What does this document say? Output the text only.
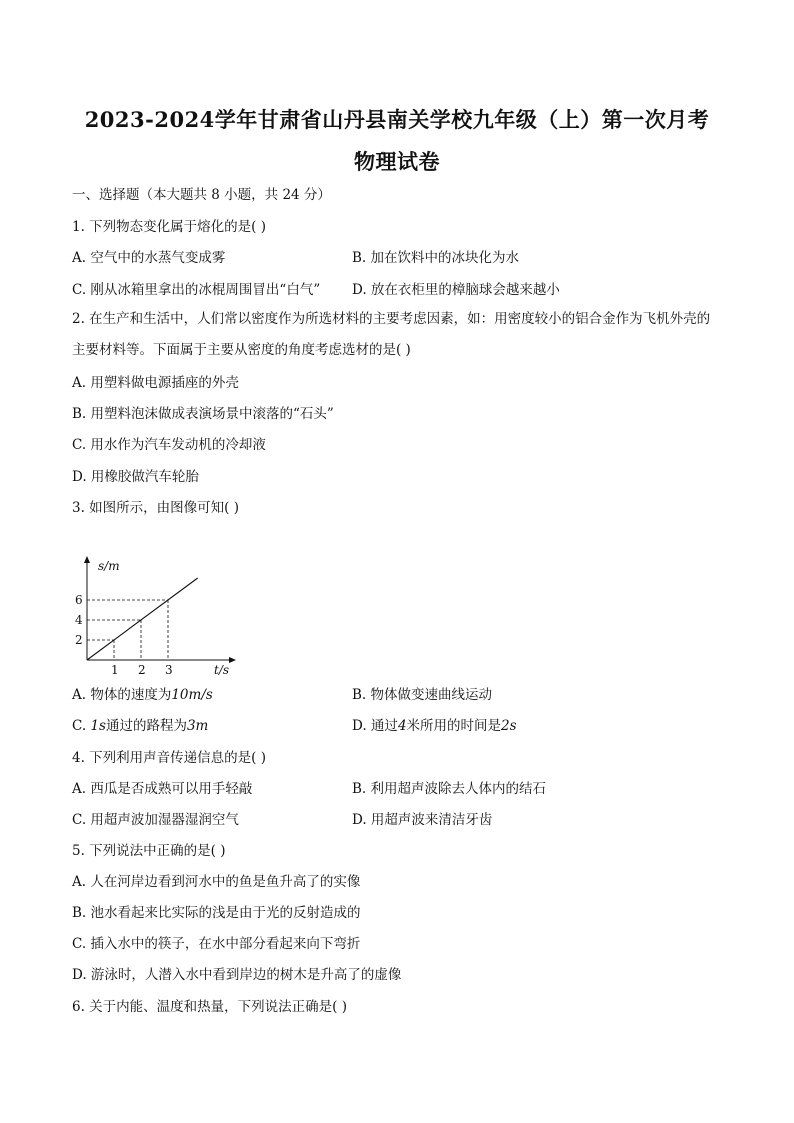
2023-2024学年甘肃省山丹县南关学校九年级（上）第一次月考
物理试卷
一、选择题（本大题共 8 小题，共 24 分）
1. 下列物态变化属于熔化的是( )
A. 空气中的水蒸气变成雾	B. 加在饮料中的冰块化为水
C. 刚从冰箱里拿出的冰棍周围冒出“白气” D. 放在衣柜里的樟脑球会越来越小
2. 在生产和生活中，人们常以密度作为所选材料的主要考虑因素，如：用密度较小的铝合金作为飞机外壳的主要材料等。下面属于主要从密度的角度考虑选材的是( )
A. 用塑料做电源插座的外壳
B. 用塑料泡沫做成表演场景中滚落的“石头”
C. 用水作为汽车发动机的冷却液
D. 用橡胶做汽车轮胎
3. 如图所示，由图像可知( )
s/m
t/s
2
4
6
1 2 3
A. 物体的速度为10m/s	B. 物体做变速曲线运动
C. 1s通过的路程为3m	D. 通过4米所用的时间是2s
4. 下列利用声音传递信息的是( )
A. 西瓜是否成熟可以用手轻敲	B. 利用超声波除去人体内的结石
C. 用超声波加湿器湿润空气	D. 用超声波来清洁牙齿
5. 下列说法中正确的是( )
A. 人在河岸边看到河水中的鱼是鱼升高了的实像
B. 池水看起来比实际的浅是由于光的反射造成的
C. 插入水中的筷子，在水中部分看起来向下弯折
D. 游泳时，人潜入水中看到岸边的树木是升高了的虚像
6. 关于内能、温度和热量，下列说法正确是( )
